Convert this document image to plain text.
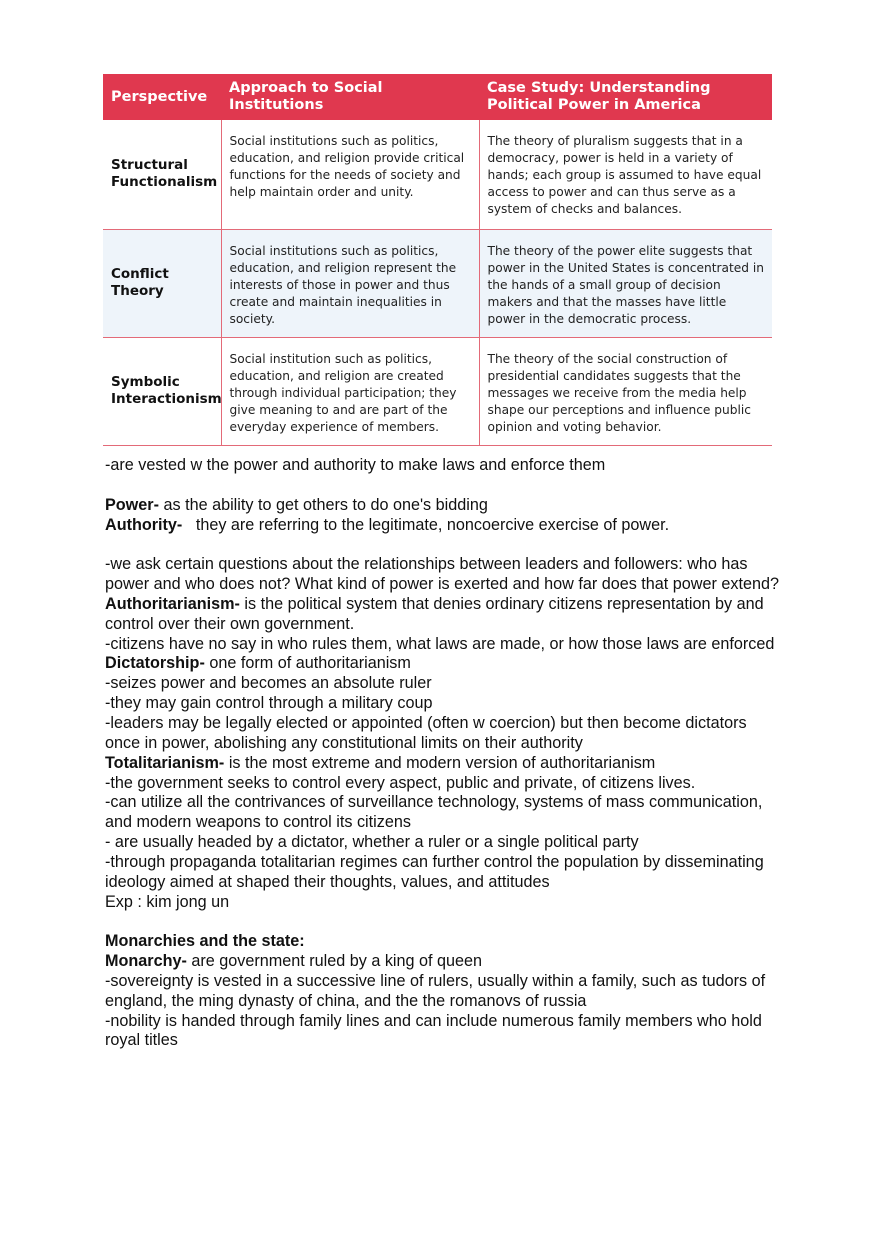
Perspective	Approach to Social Institutions	Case Study: Understanding Political Power in America
Structural Functionalism	Social institutions such as politics, education, and religion provide critical functions for the needs of society and help maintain order and unity.	The theory of pluralism suggests that in a democracy, power is held in a variety of hands; each group is assumed to have equal access to power and can thus serve as a system of checks and balances.
Conflict Theory	Social institutions such as politics, education, and religion represent the interests of those in power and thus create and maintain inequalities in society.	The theory of the power elite suggests that power in the United States is concentrated in the hands of a small group of decision makers and that the masses have little power in the democratic process.
Symbolic Interactionism	Social institution such as politics, education, and religion are created through individual participation; they give meaning to and are part of the everyday experience of members.	The theory of the social construction of presidential candidates suggests that the messages we receive from the media help shape our perceptions and influence public opinion and voting behavior.

-are vested w the power and authority to make laws and enforce them

Power- as the ability to get others to do one's bidding

Authority-   they are referring to the legitimate, noncoercive exercise of power.

-we ask certain questions about the relationships between leaders and followers: who has power and who does not? What kind of power is exerted and how far does that power extend?

Authoritarianism- is the political system that denies ordinary citizens representation by and control over their own government.

-citizens have no say in who rules them, what laws are made, or how those laws are enforced

Dictatorship- one form of authoritarianism

-seizes power and becomes an absolute ruler

-they may gain control through a military coup

-leaders may be legally elected or appointed (often w coercion) but then become dictators once in power, abolishing any constitutional limits on their authority

Totalitarianism- is the most extreme and modern version of authoritarianism

-the government seeks to control every aspect, public and private, of citizens lives.

-can utilize all the contrivances of surveillance technology, systems of mass communication, and modern weapons to control its citizens

- are usually headed by a dictator, whether a ruler or a single political party

-through propaganda totalitarian regimes can further control the population by disseminating ideology aimed at shaped their thoughts, values, and attitudes

Exp : kim jong un

Monarchies and the state:

Monarchy- are government ruled by a king of queen

-sovereignty is vested in a successive line of rulers, usually within a family, such as tudors of england, the ming dynasty of china, and the the romanovs of russia

-nobility is handed through family lines and can include numerous family members who hold royal titles
